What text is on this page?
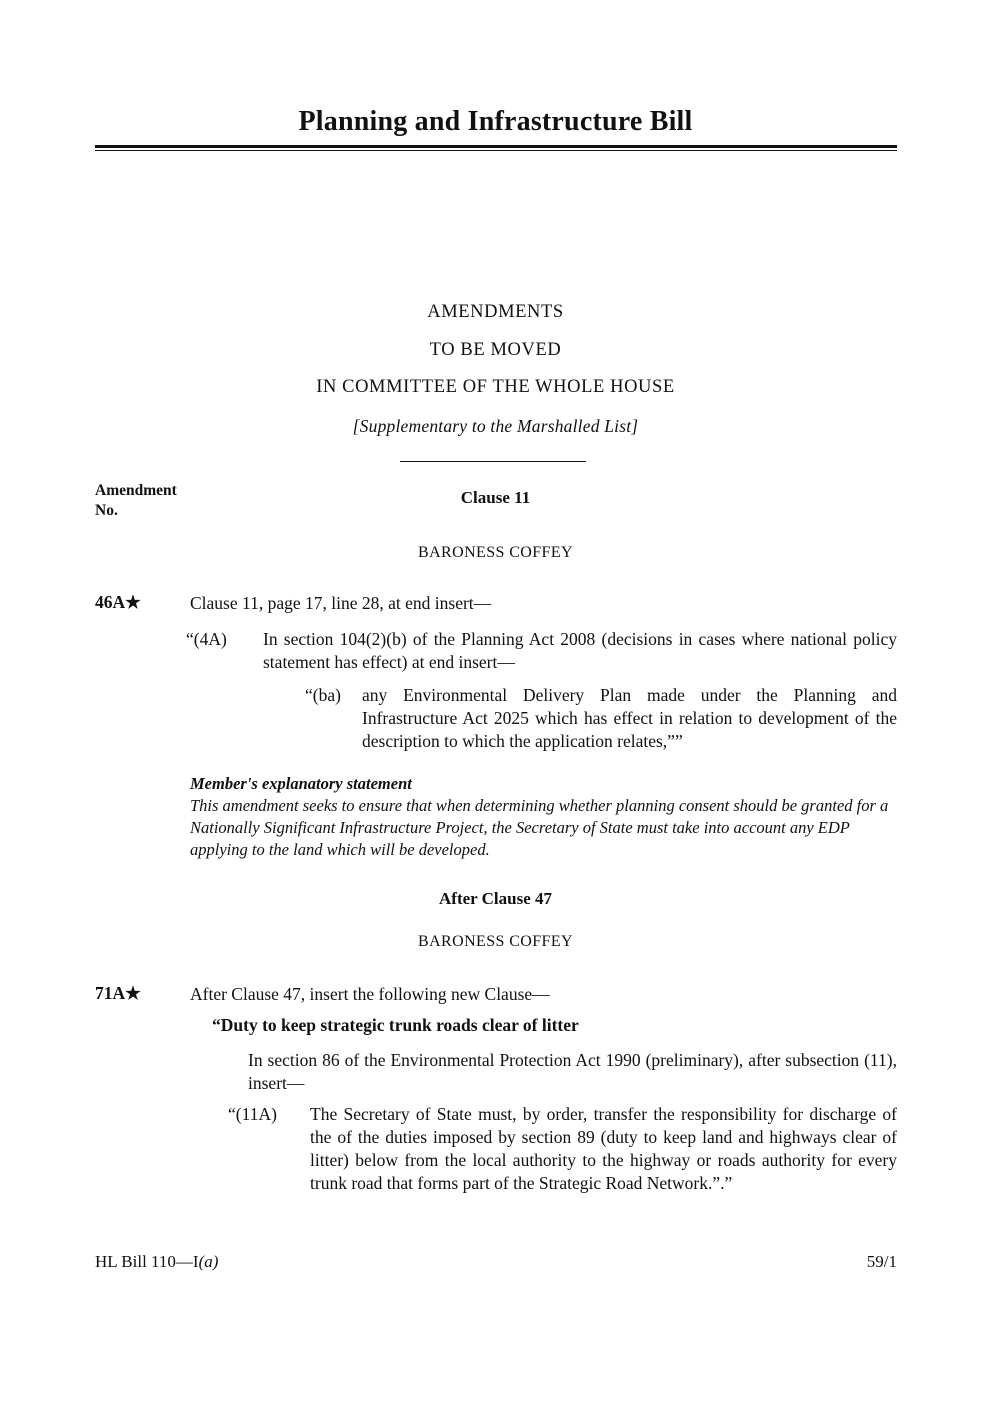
Planning and Infrastructure Bill
AMENDMENTS
TO BE MOVED
IN COMMITTEE OF THE WHOLE HOUSE
[Supplementary to the Marshalled List]
Amendment
No.
Clause 11
BARONESS COFFEY
46A★	Clause 11, page 17, line 28, at end insert—
“(4A) In section 104(2)(b) of the Planning Act 2008 (decisions in cases where national policy statement has effect) at end insert—
“(ba) any Environmental Delivery Plan made under the Planning and Infrastructure Act 2025 which has effect in relation to development of the description to which the application relates,””
Member's explanatory statement
This amendment seeks to ensure that when determining whether planning consent should be granted for a Nationally Significant Infrastructure Project, the Secretary of State must take into account any EDP applying to the land which will be developed.
After Clause 47
BARONESS COFFEY
71A★	After Clause 47, insert the following new Clause—
“Duty to keep strategic trunk roads clear of litter
In section 86 of the Environmental Protection Act 1990 (preliminary), after subsection (11), insert—
“(11A) The Secretary of State must, by order, transfer the responsibility for discharge of the of the duties imposed by section 89 (duty to keep land and highways clear of litter) below from the local authority to the highway or roads authority for every trunk road that forms part of the Strategic Road Network.”.”
HL Bill 110—I(a)	59/1
